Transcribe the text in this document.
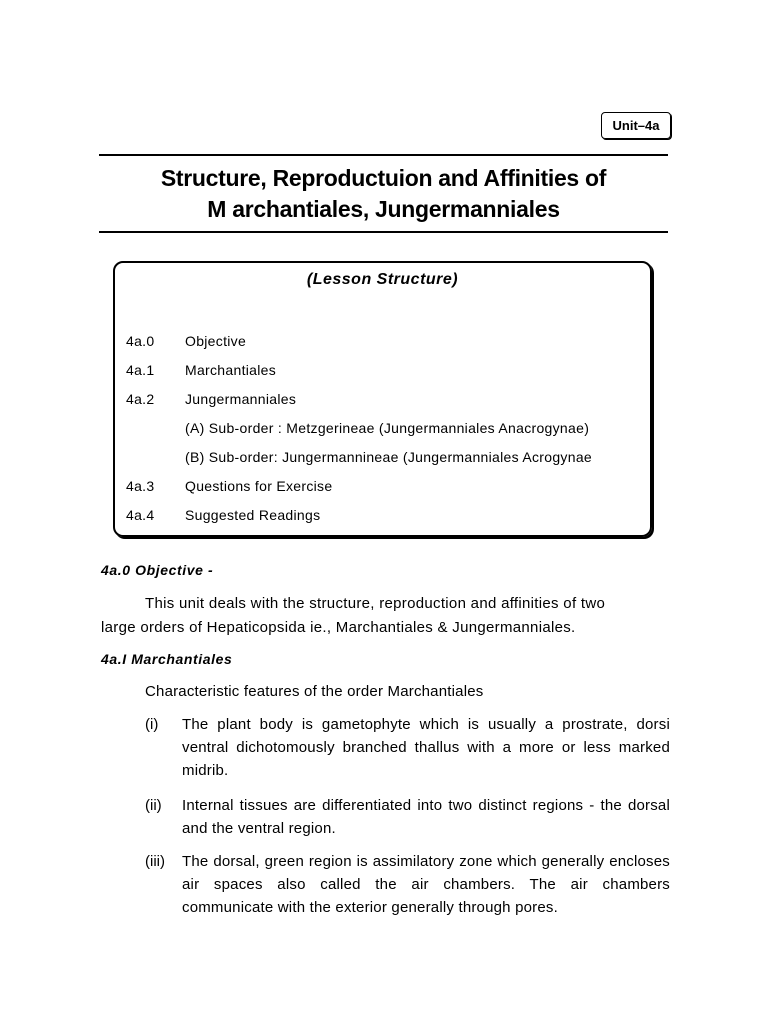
Unit–4a
Structure, Reproductuion and Affinities of
M archantiales, Jungermanniales
(Lesson Structure)
4a.0 Objective
4a.1 Marchantiales
4a.2 Jungermanniales
(A) Sub-order : Metzgerineae (Jungermanniales Anacrogynae)
(B) Sub-order: Jungermannineae (Jungermanniales Acrogynae
4a.3 Questions for Exercise
4a.4 Suggested Readings
4a.0 Objective -
This unit deals with the structure, reproduction and affinities of two
large orders of Hepaticopsida ie., Marchantiales & Jungermanniales.
4a.I Marchantiales
Characteristic features of the order Marchantiales
(i) The plant body is gametophyte which is usually a prostrate, dorsi ventral dichotomously branched thallus with a more or less marked midrib.
(ii) Internal tissues are differentiated into two distinct regions - the dorsal and the ventral region.
(iii) The dorsal, green region is assimilatory zone which generally encloses air spaces also called the air chambers. The air chambers communicate with the exterior generally through pores.
